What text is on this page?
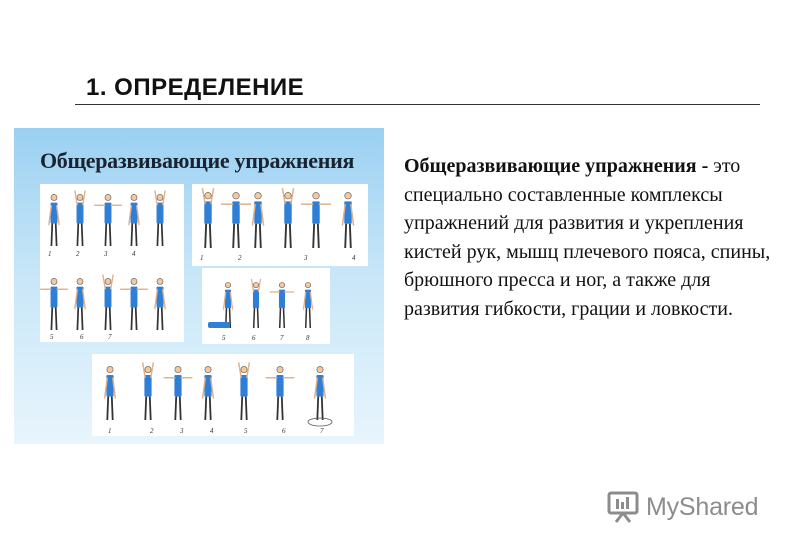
1. ОПРЕДЕЛЕНИЕ
Общеразвивающие упражнения
1	2	3	4
5	6	7
1	2	3	4
5	6	7	8
1	2	3	4	5	6	7
Общеразвивающие упражнения - это специально составленные комплексы упражнений для развития и укрепления кистей рук, мышц плечевого пояса, спины, брюшного пресса и ног, а также для развития гибкости, грации и ловкости.
MyShared
